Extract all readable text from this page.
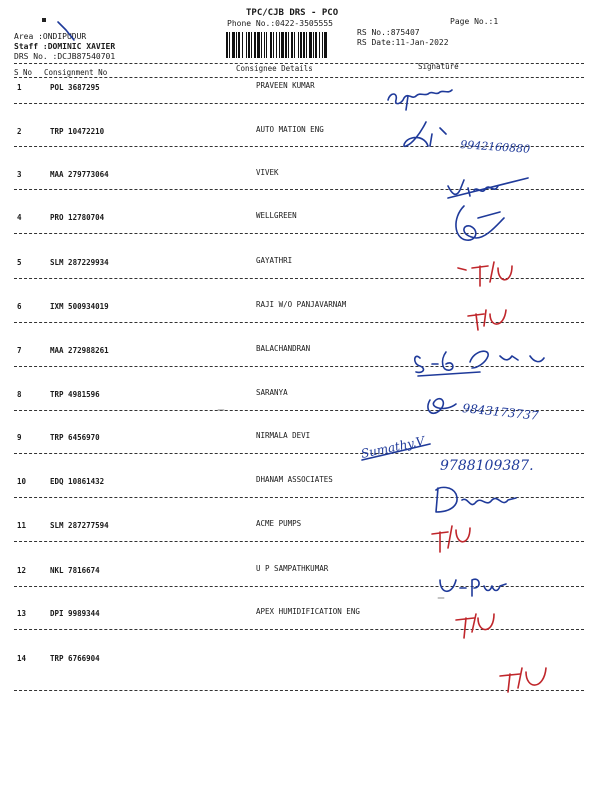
TPC/CJB DRS - PCO
Phone No.:0422-3505555	Page No.:1
Area :ONDIPUDUR
Staff :DOMINIC XAVIER
DRS No. :DCJB87540701
RS No.:875407
RS Date:11-Jan-2022
S No Consignment No	Consignee Details	Signature
1	POL 3687295	PRAVEEN KUMAR
2	TRP 10472210	AUTO MATION ENG
3	MAA 279773064	VIVEK
4	PRO 12780704	WELLGREEN
5	SLM 287229934	GAYATHRI
6	IXM 500934019	RAJI W/O PANJAVARNAM
7	MAA 272988261	BALACHANDRAN
8	TRP 4981596	SARANYA
9	TRP 6456970	NIRMALA DEVI
10	EDQ 10861432	DHANAM ASSOCIATES
11	SLM 287277594	ACME PUMPS
12	NKL 7816674	U P SAMPATHKUMAR
13	DPI 9989344	APEX HUMIDIFICATION ENG
14	TRP 6766904
9942160880
9843173737
Sumathy.V
9788109387.
